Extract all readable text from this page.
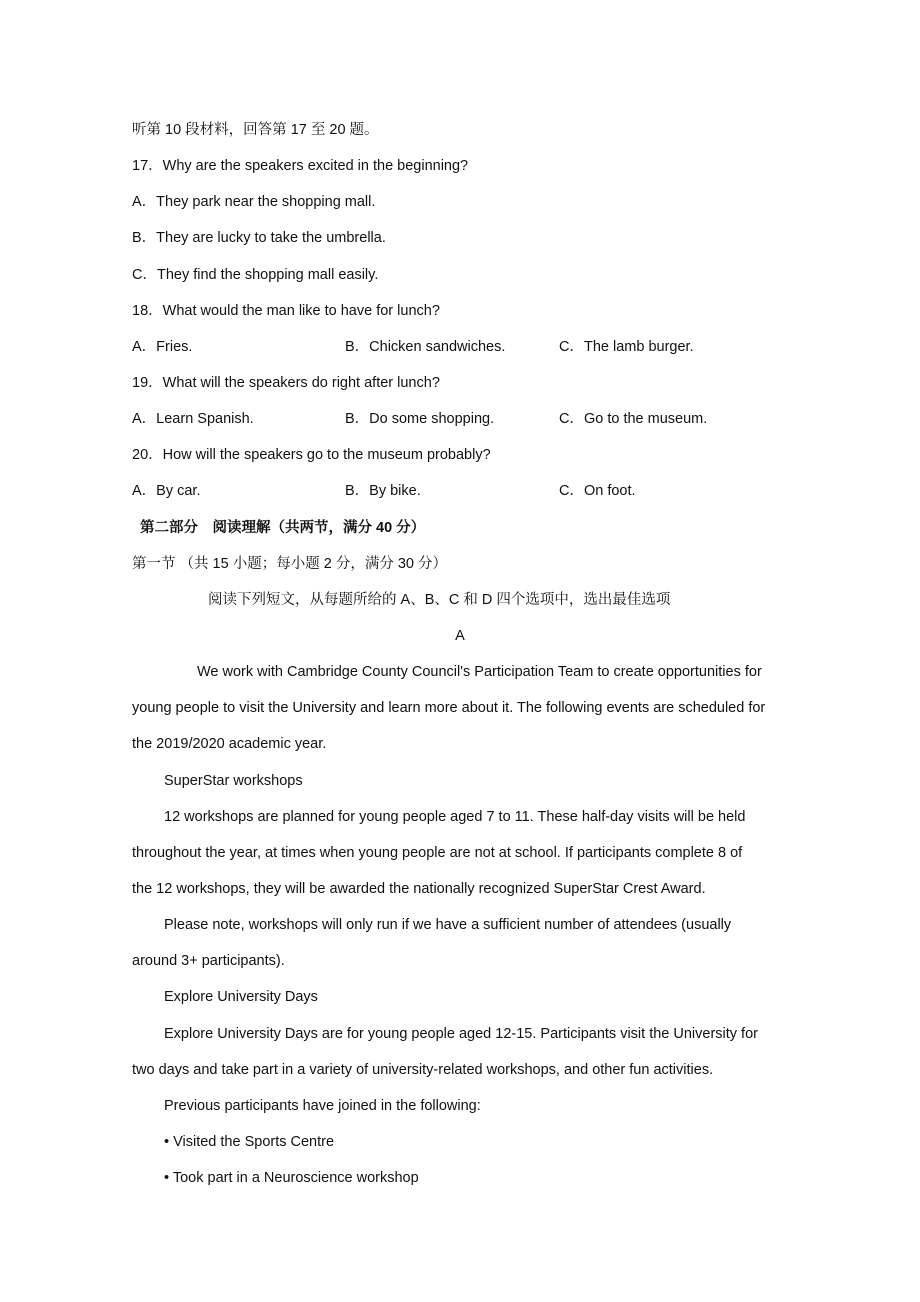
听第 10 段材料，回答第 17 至 20 题。
17．Why are the speakers excited in the beginning?
A．They park near the shopping mall.
B．They are lucky to take the umbrella.
C．They find the shopping mall easily.
18．What would the man like to have for lunch?
A．Fries.	B．Chicken sandwiches.	C．The lamb burger.
19．What will the speakers do right after lunch?
A．Learn Spanish.	B．Do some shopping.	C．Go to the museum.
20．How will the speakers go to the museum probably?
A．By car.	B．By bike.	C．On foot.
第二部分　阅读理解（共两节，满分 40 分）
第一节 （共 15 小题；每小题 2 分，满分 30 分）
阅读下列短文，从每题所给的 A、B、C 和 D 四个选项中，选出最佳选项
A
We work with Cambridge County Council's Participation Team to create opportunities for
young people to visit the University and learn more about it. The following events are scheduled for
the 2019/2020 academic year.
SuperStar workshops
12 workshops are planned for young people aged 7 to 11. These half-day visits will be held
throughout the year, at times when young people are not at school. If participants complete 8 of
the 12 workshops, they will be awarded the nationally recognized SuperStar Crest Award.
Please note, workshops will only run if we have a sufficient number of attendees (usually
around 3+ participants).
Explore University Days
Explore University Days are for young people aged 12-15. Participants visit the University for
two days and take part in a variety of university-related workshops, and other fun activities.
Previous participants have joined in the following:
• Visited the Sports Centre
• Took part in a Neuroscience workshop
